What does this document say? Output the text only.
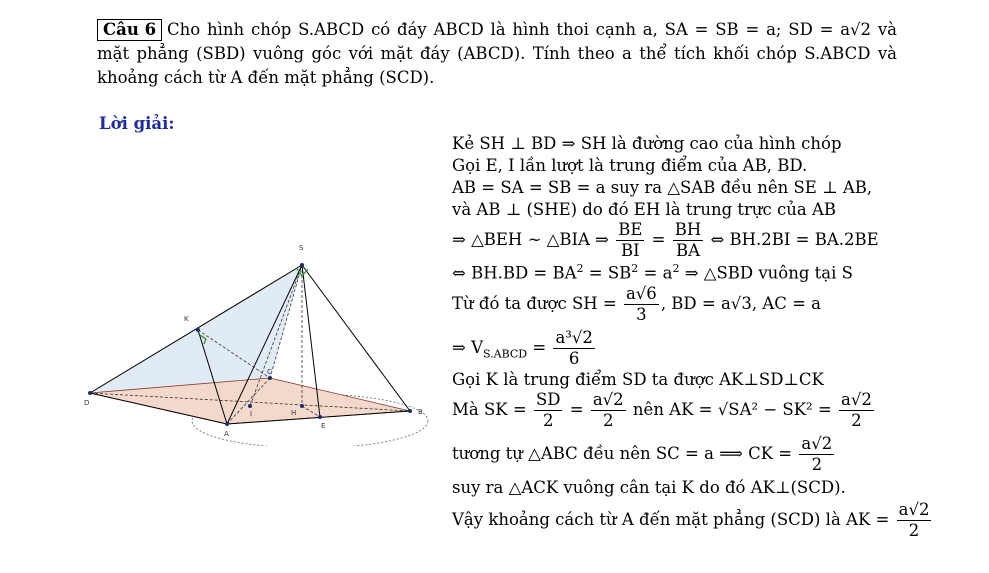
Câu 6 Cho hình chóp S.ABCD có đáy ABCD là hình thoi cạnh a, SA = SB = a; SD = a√2 và mặt phẳng (SBD) vuông góc với mặt đáy (ABCD). Tính theo a thể tích khối chóp S.ABCD và khoảng cách từ A đến mặt phẳng (SCD).
Lời giải:
S
K
D
C
I	H
E
A
B
Kẻ SH ⊥ BD ⇒ SH là đường cao của hình chóp
Gọi E, I lần lượt là trung điểm của AB, BD.
AB = SA = SB = a suy ra △SAB đều nên SE ⊥ AB,
và AB ⊥ (SHE) do đó EH là trung trực của AB
⇒ △BEH ∼ △BIA ⇒ $\frac{BE}{BI} = \frac{BH}{BA}$ ⇔ BH.2BI = BA.2BE
⇔ $BH.BD = BA^2 = SB^2 = a^2$ ⇒ △SBD vuông tại S
Từ đó ta được SH = $\frac{a√6}{3}$ , BD = a√3, AC = a
⇒ $V_{S.ABCD} = \frac{\text{a³√2}}{6}$
Gọi K là trung điểm SD ta được AK⊥SD⊥CK
Mà SK = $\frac{SD}{2} = \frac{a√2}{2}$ nên AK = $√SA^2 - SK^2 = \frac{a√2}{2}$
tương tự △ABC đều nên SC = a ⟹ CK = $\frac{a√2}{2}$
suy ra △ACK vuông cân tại K do đó AK⊥(SCD).
Vậy khoảng cách từ A đến mặt phẳng (SCD) là AK = $\frac{a√2}{2}$
